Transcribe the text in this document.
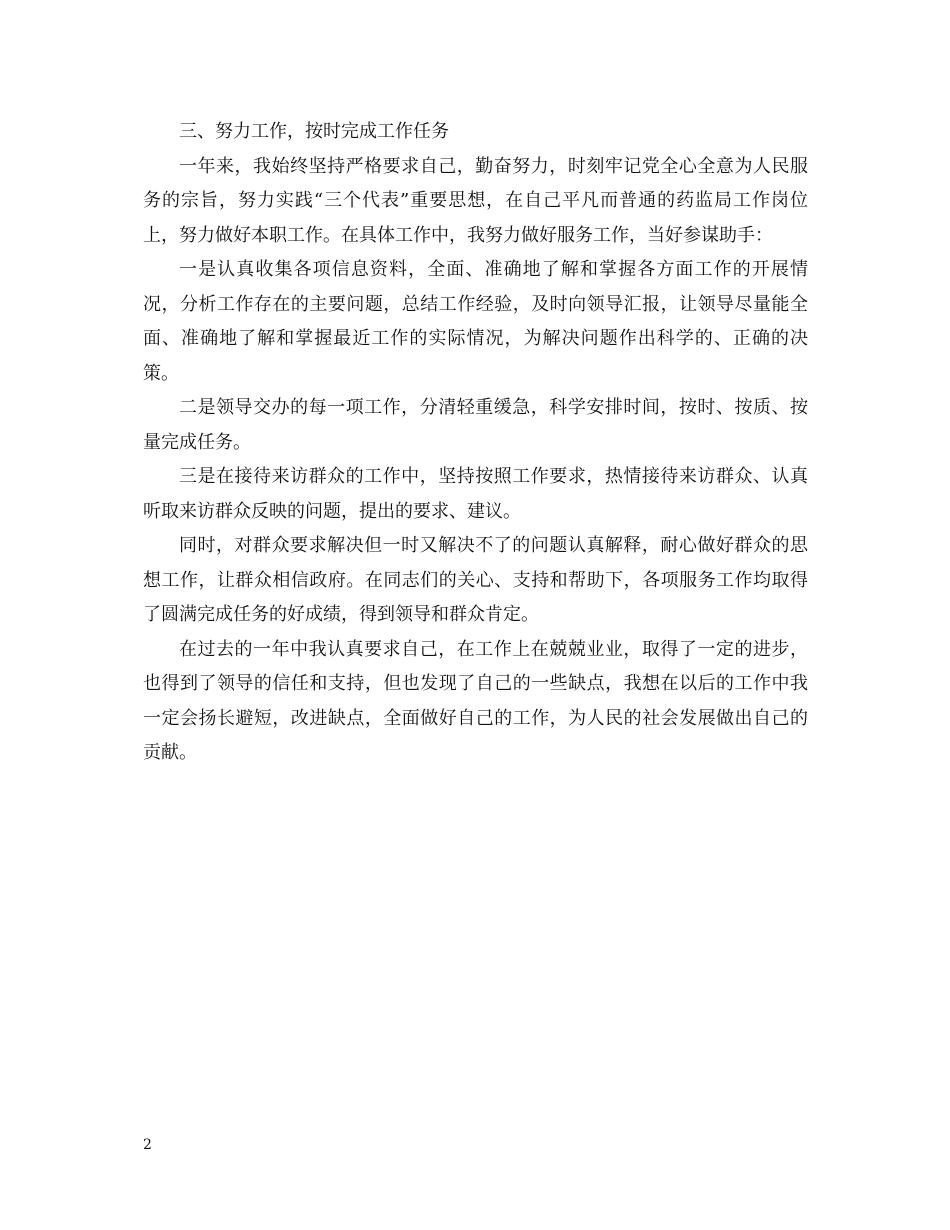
三、努力工作，按时完成工作任务

一年来，我始终坚持严格要求自己，勤奋努力，时刻牢记党全心全意为人民服务的宗旨，努力实践“三个代表”重要思想，在自己平凡而普通的药监局工作岗位上，努力做好本职工作。在具体工作中，我努力做好服务工作，当好参谋助手：

一是认真收集各项信息资料，全面、准确地了解和掌握各方面工作的开展情况，分析工作存在的主要问题，总结工作经验，及时向领导汇报，让领导尽量能全面、准确地了解和掌握最近工作的实际情况，为解决问题作出科学的、正确的决策。

二是领导交办的每一项工作，分清轻重缓急，科学安排时间，按时、按质、按量完成任务。

三是在接待来访群众的工作中，坚持按照工作要求，热情接待来访群众、认真听取来访群众反映的问题，提出的要求、建议。

同时，对群众要求解决但一时又解决不了的问题认真解释，耐心做好群众的思想工作，让群众相信政府。在同志们的关心、支持和帮助下，各项服务工作均取得了圆满完成任务的好成绩，得到领导和群众肯定。

在过去的一年中我认真要求自己，在工作上在兢兢业业，取得了一定的进步，也得到了领导的信任和支持，但也发现了自己的一些缺点，我想在以后的工作中我一定会扬长避短，改进缺点，全面做好自己的工作，为人民的社会发展做出自己的贡献。

2
